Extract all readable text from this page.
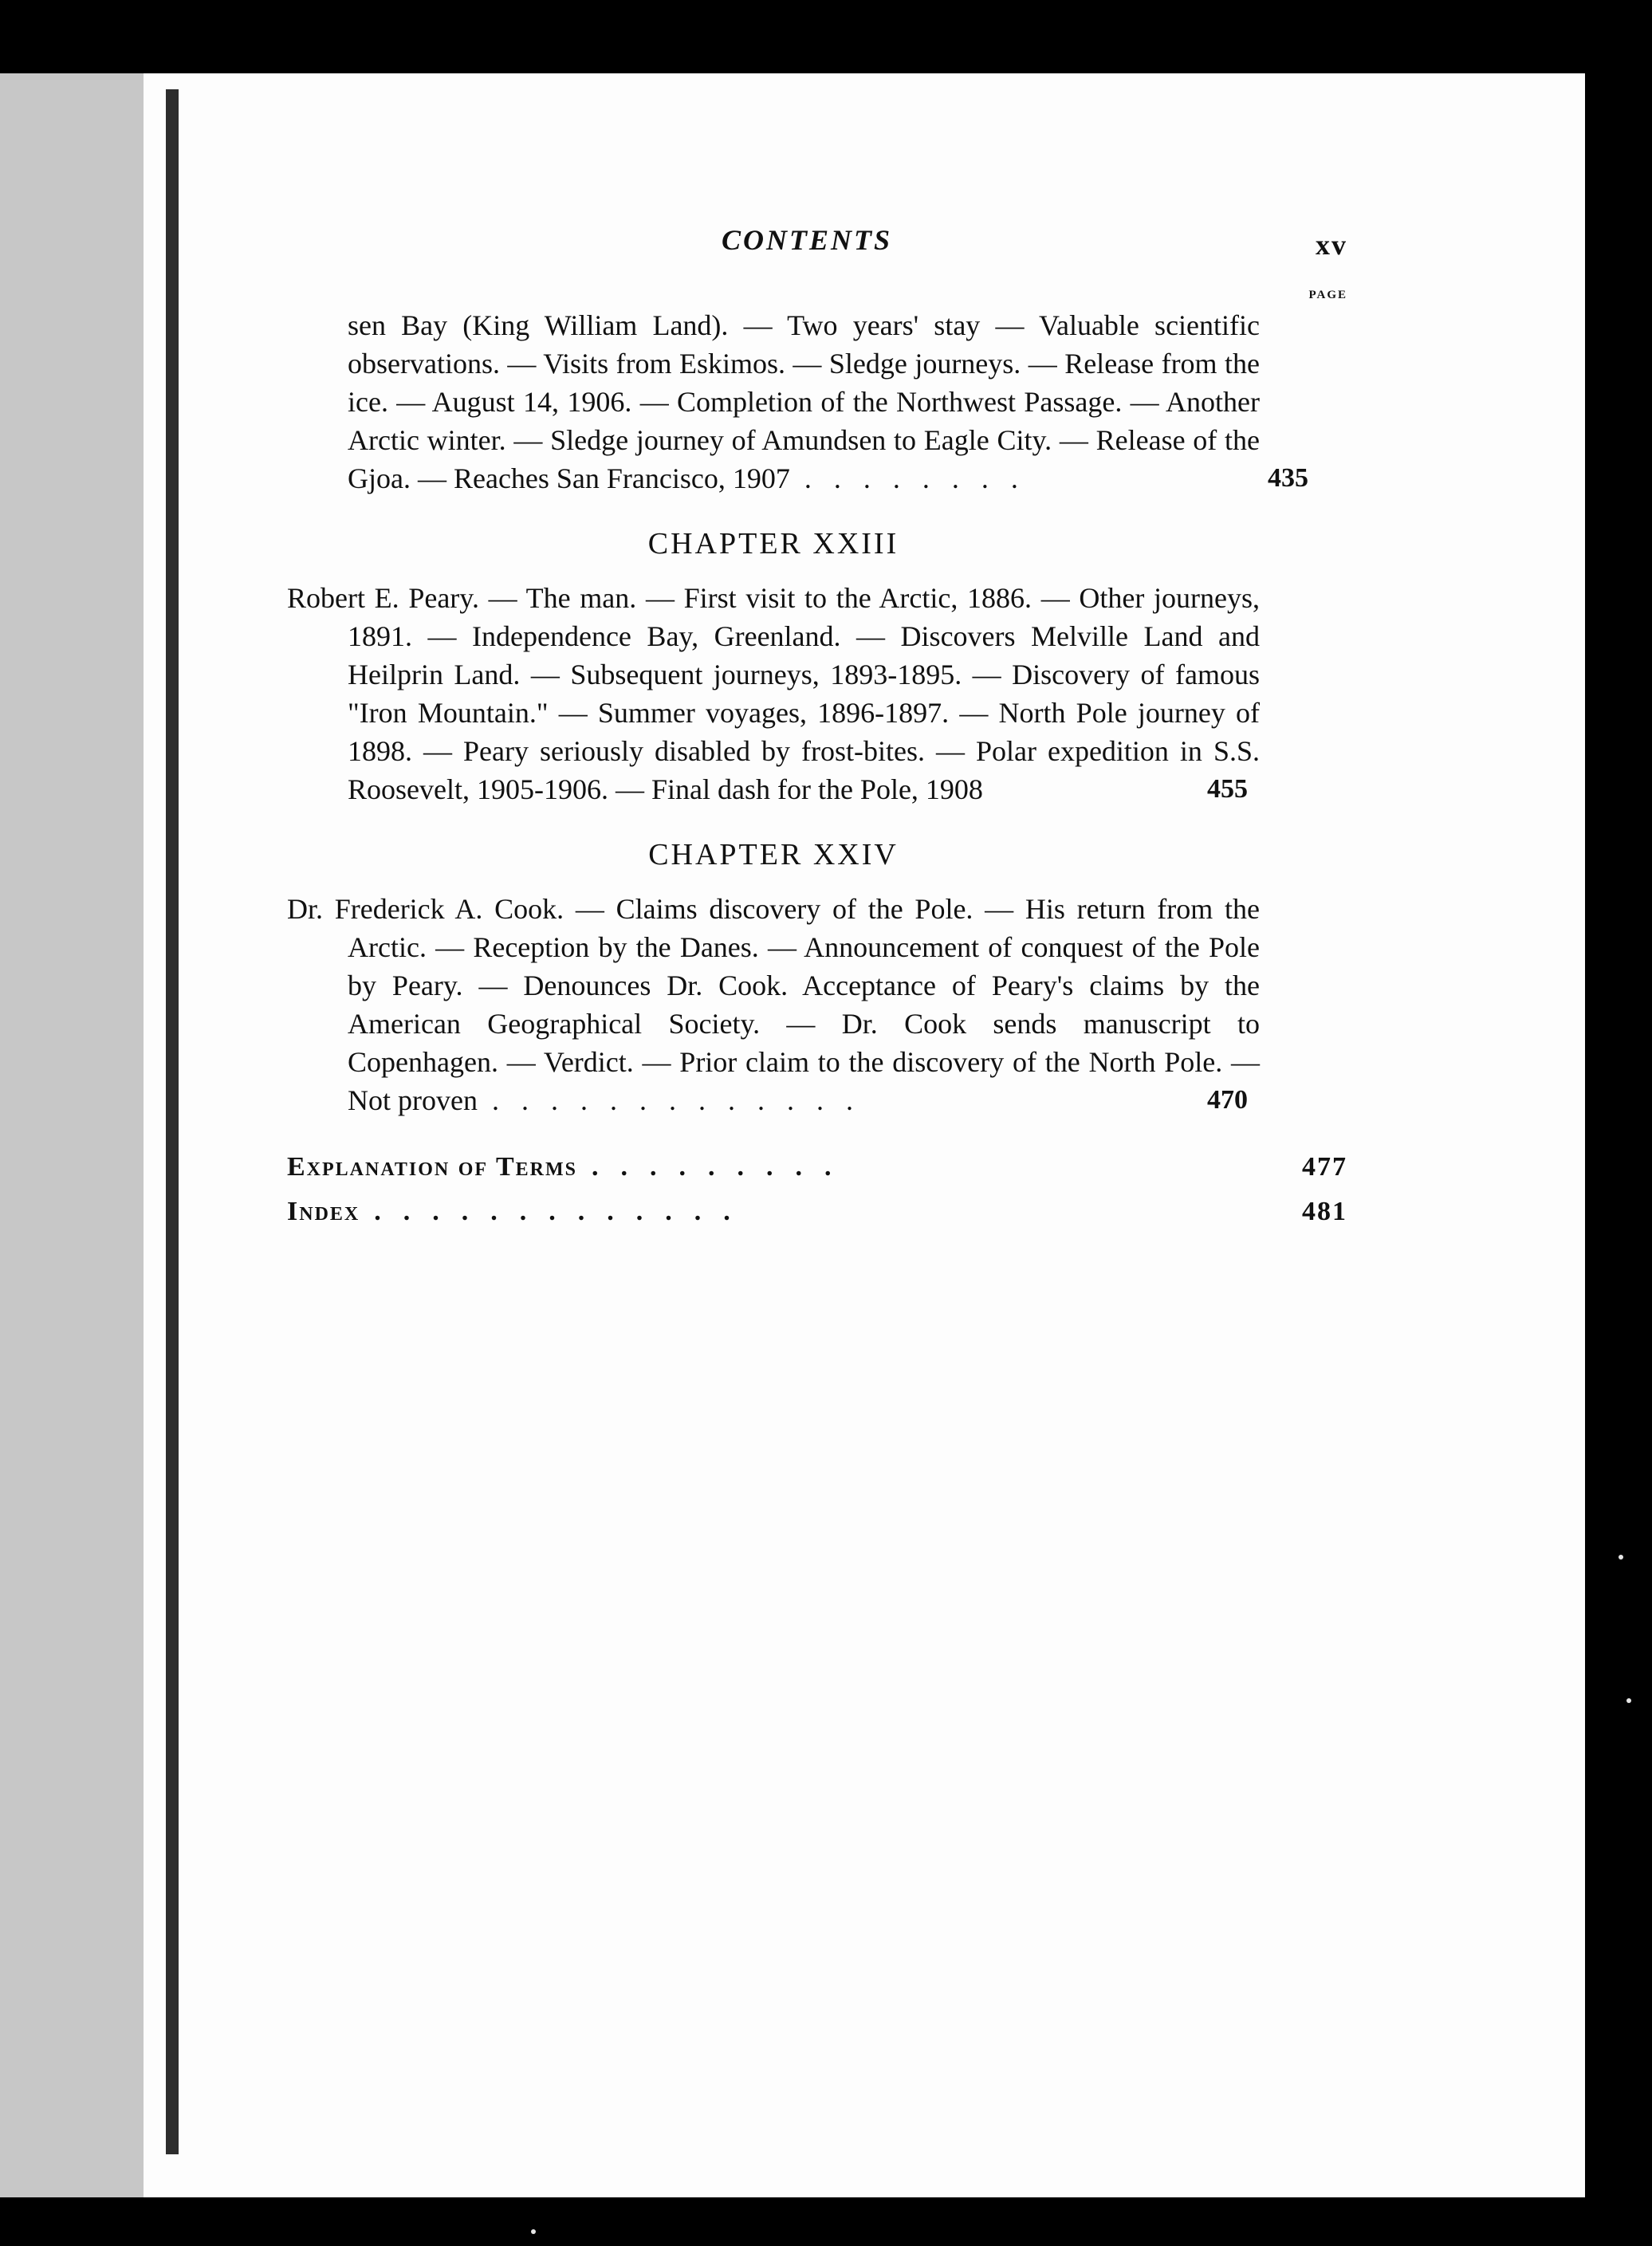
CONTENTS	xv
PAGE
sen Bay (King William Land). — Two years' stay — Valuable scientific observations. — Visits from Eskimos. — Sledge journeys. — Release from the ice. — August 14, 1906. — Completion of the Northwest Passage. — Another Arctic winter. — Sledge journey of Amundsen to Eagle City. — Release of the Gjoa. — Reaches San Francisco, 1907 ........	435
CHAPTER XXIII
Robert E. Peary. — The man. — First visit to the Arctic, 1886. — Other journeys, 1891. — Independence Bay, Greenland. — Discovers Melville Land and Heilprin Land. — Subsequent journeys, 1893-1895. — Discovery of famous "Iron Mountain." — Summer voyages, 1896-1897. — North Pole journey of 1898. — Peary seriously disabled by frost-bites. — Polar expedition in S.S. Roosevelt, 1905-1906. — Final dash for the Pole, 1908	455
CHAPTER XXIV
Dr. Frederick A. Cook. — Claims discovery of the Pole. — His return from the Arctic. — Reception by the Danes. — Announcement of conquest of the Pole by Peary. — Denounces Dr. Cook. Acceptance of Peary's claims by the American Geographical Society. — Dr. Cook sends manuscript to Copenhagen. — Verdict. — Prior claim to the discovery of the North Pole. — Not proven .............	470
Explanation of Terms .........	477
Index .............	481
